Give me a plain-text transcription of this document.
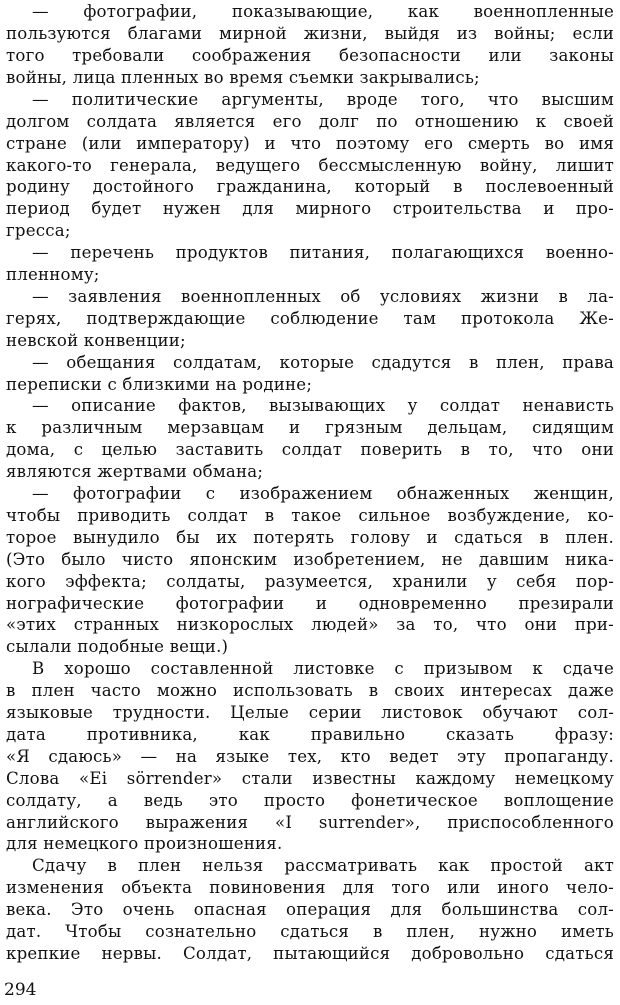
— фотографии, показывающие, как военнопленные
пользуются благами мирной жизни, выйдя из войны; если
того требовали соображения безопасности или законы
войны, лица пленных во время съемки закрывались;
— политические аргументы, вроде того, что высшим
долгом солдата является его долг по отношению к своей
стране (или императору) и что поэтому его смерть во имя
какого-то генерала, ведущего бессмысленную войну, лишит
родину достойного гражданина, который в послевоенный
период будет нужен для мирного строительства и про-
гресса;
— перечень продуктов питания, полагающихся военно-
пленному;
— заявления военнопленных об условиях жизни в ла-
герях, подтверждающие соблюдение там протокола Же-
невской конвенции;
— обещания солдатам, которые сдадутся в плен, права
переписки с близкими на родине;
— описание фактов, вызывающих у солдат ненависть
к различным мерзавцам и грязным дельцам, сидящим
дома, с целью заставить солдат поверить в то, что они
являются жертвами обмана;
— фотографии с изображением обнаженных женщин,
чтобы приводить солдат в такое сильное возбуждение, ко-
торое вынудило бы их потерять голову и сдаться в плен.
(Это было чисто японским изобретением, не давшим ника-
кого эффекта; солдаты, разумеется, хранили у себя пор-
нографические фотографии и одновременно презирали
«этих странных низкорослых людей» за то, что они при-
сылали подобные вещи.)
В хорошо составленной листовке с призывом к сдаче
в плен часто можно использовать в своих интересах даже
языковые трудности. Целые серии листовок обучают сол-
дата противника, как правильно сказать фразу:
«Я сдаюсь» — на языке тех, кто ведет эту пропаганду.
Слова «Ei sörrender» стали известны каждому немецкому
солдату, а ведь это просто фонетическое воплощение
английского выражения «I surrender», приспособленного
для немецкого произношения.
Сдачу в плен нельзя рассматривать как простой акт
изменения объекта повиновения для того или иного чело-
века. Это очень опасная операция для большинства сол-
дат. Чтобы сознательно сдаться в плен, нужно иметь
крепкие нервы. Солдат, пытающийся добровольно сдаться
294
